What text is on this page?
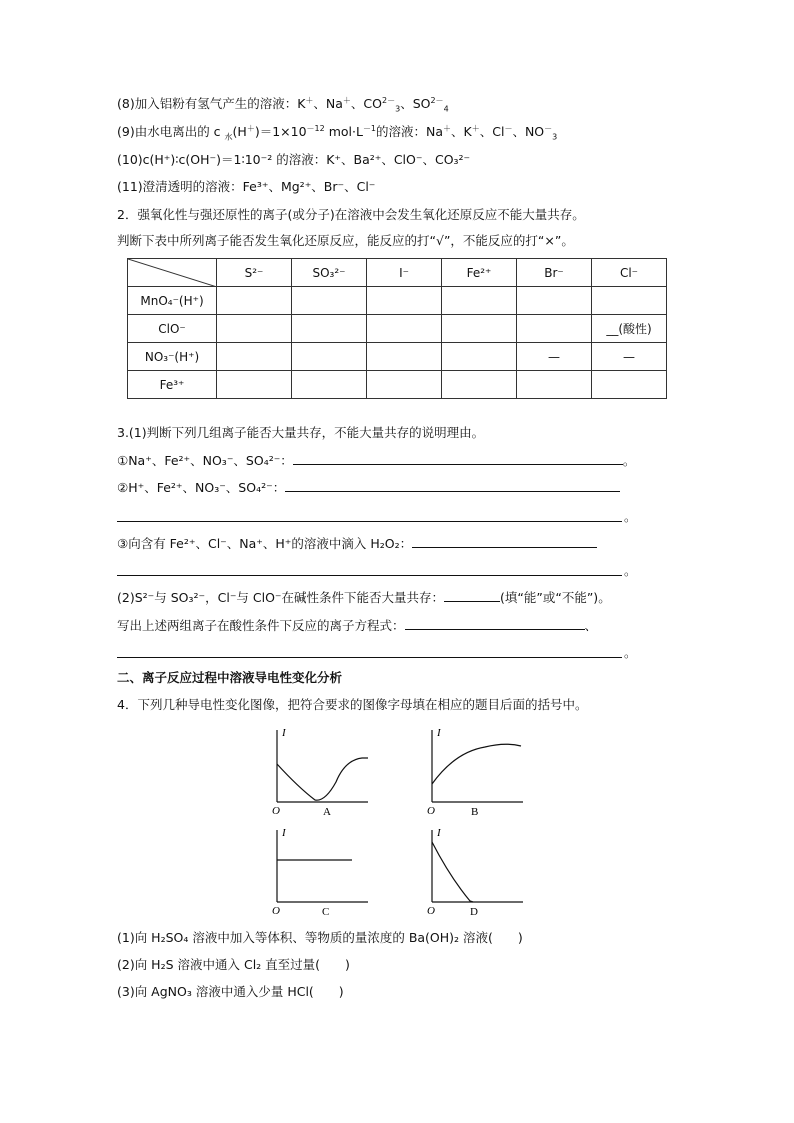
(8)加入铝粉有氢气产生的溶液：K＋、Na＋、$CO^{2-}_3$、$SO^{2-}_4$
(9)由水电离出的 c $_水(H^+)=1\times 10^{-12}$ $mol\cdot L^{-1}$的溶液：Na＋、K＋、Cl－、$NO^-_3$
(10)c(H⁺)∶c(OH⁻)＝1∶10⁻² 的溶液：K⁺、Ba²⁺、ClO⁻、CO₃²⁻
(11)澄清透明的溶液：Fe³⁺、Mg²⁺、Br⁻、Cl⁻
2．强氧化性与强还原性的离子(或分子)在溶液中会发生氧化还原反应不能大量共存。
判断下表中所列离子能否发生氧化还原反应，能反应的打“√”，不能反应的打“×”。
	S²⁻	SO₃²⁻	I⁻	Fe²⁺	Br⁻	Cl⁻
MnO₄⁻(H⁺)						
ClO⁻						__(酸性)
NO₃⁻(H⁺)					—	—
Fe³⁺						
3.(1)判断下列几组离子能否大量共存，不能大量共存的说明理由。
①Na⁺、Fe²⁺、NO₃⁻、SO₄²⁻：	。
②H⁺、Fe²⁺、NO₃⁻、SO₄²⁻：
。
③向含有 Fe²⁺、Cl⁻、Na⁺、H⁺的溶液中滴入 H₂O₂：
。
(2)S²⁻与 SO₃²⁻，Cl⁻与 ClO⁻在碱性条件下能否大量共存：	(填“能”或“不能”)。
写出上述两组离子在酸性条件下反应的离子方程式：	、
。
二、离子反应过程中溶液导电性变化分析
4．下列几种导电性变化图像，把符合要求的图像字母填在相应的题目后面的括号中。
I
O	A
I
O	B
I
O	C
I
O	D
(1)向 H₂SO₄ 溶液中加入等体积、等物质的量浓度的 Ba(OH)₂ 溶液(　　)
(2)向 H₂S 溶液中通入 Cl₂ 直至过量(　　)
(3)向 AgNO₃ 溶液中通入少量 HCl(　　)
